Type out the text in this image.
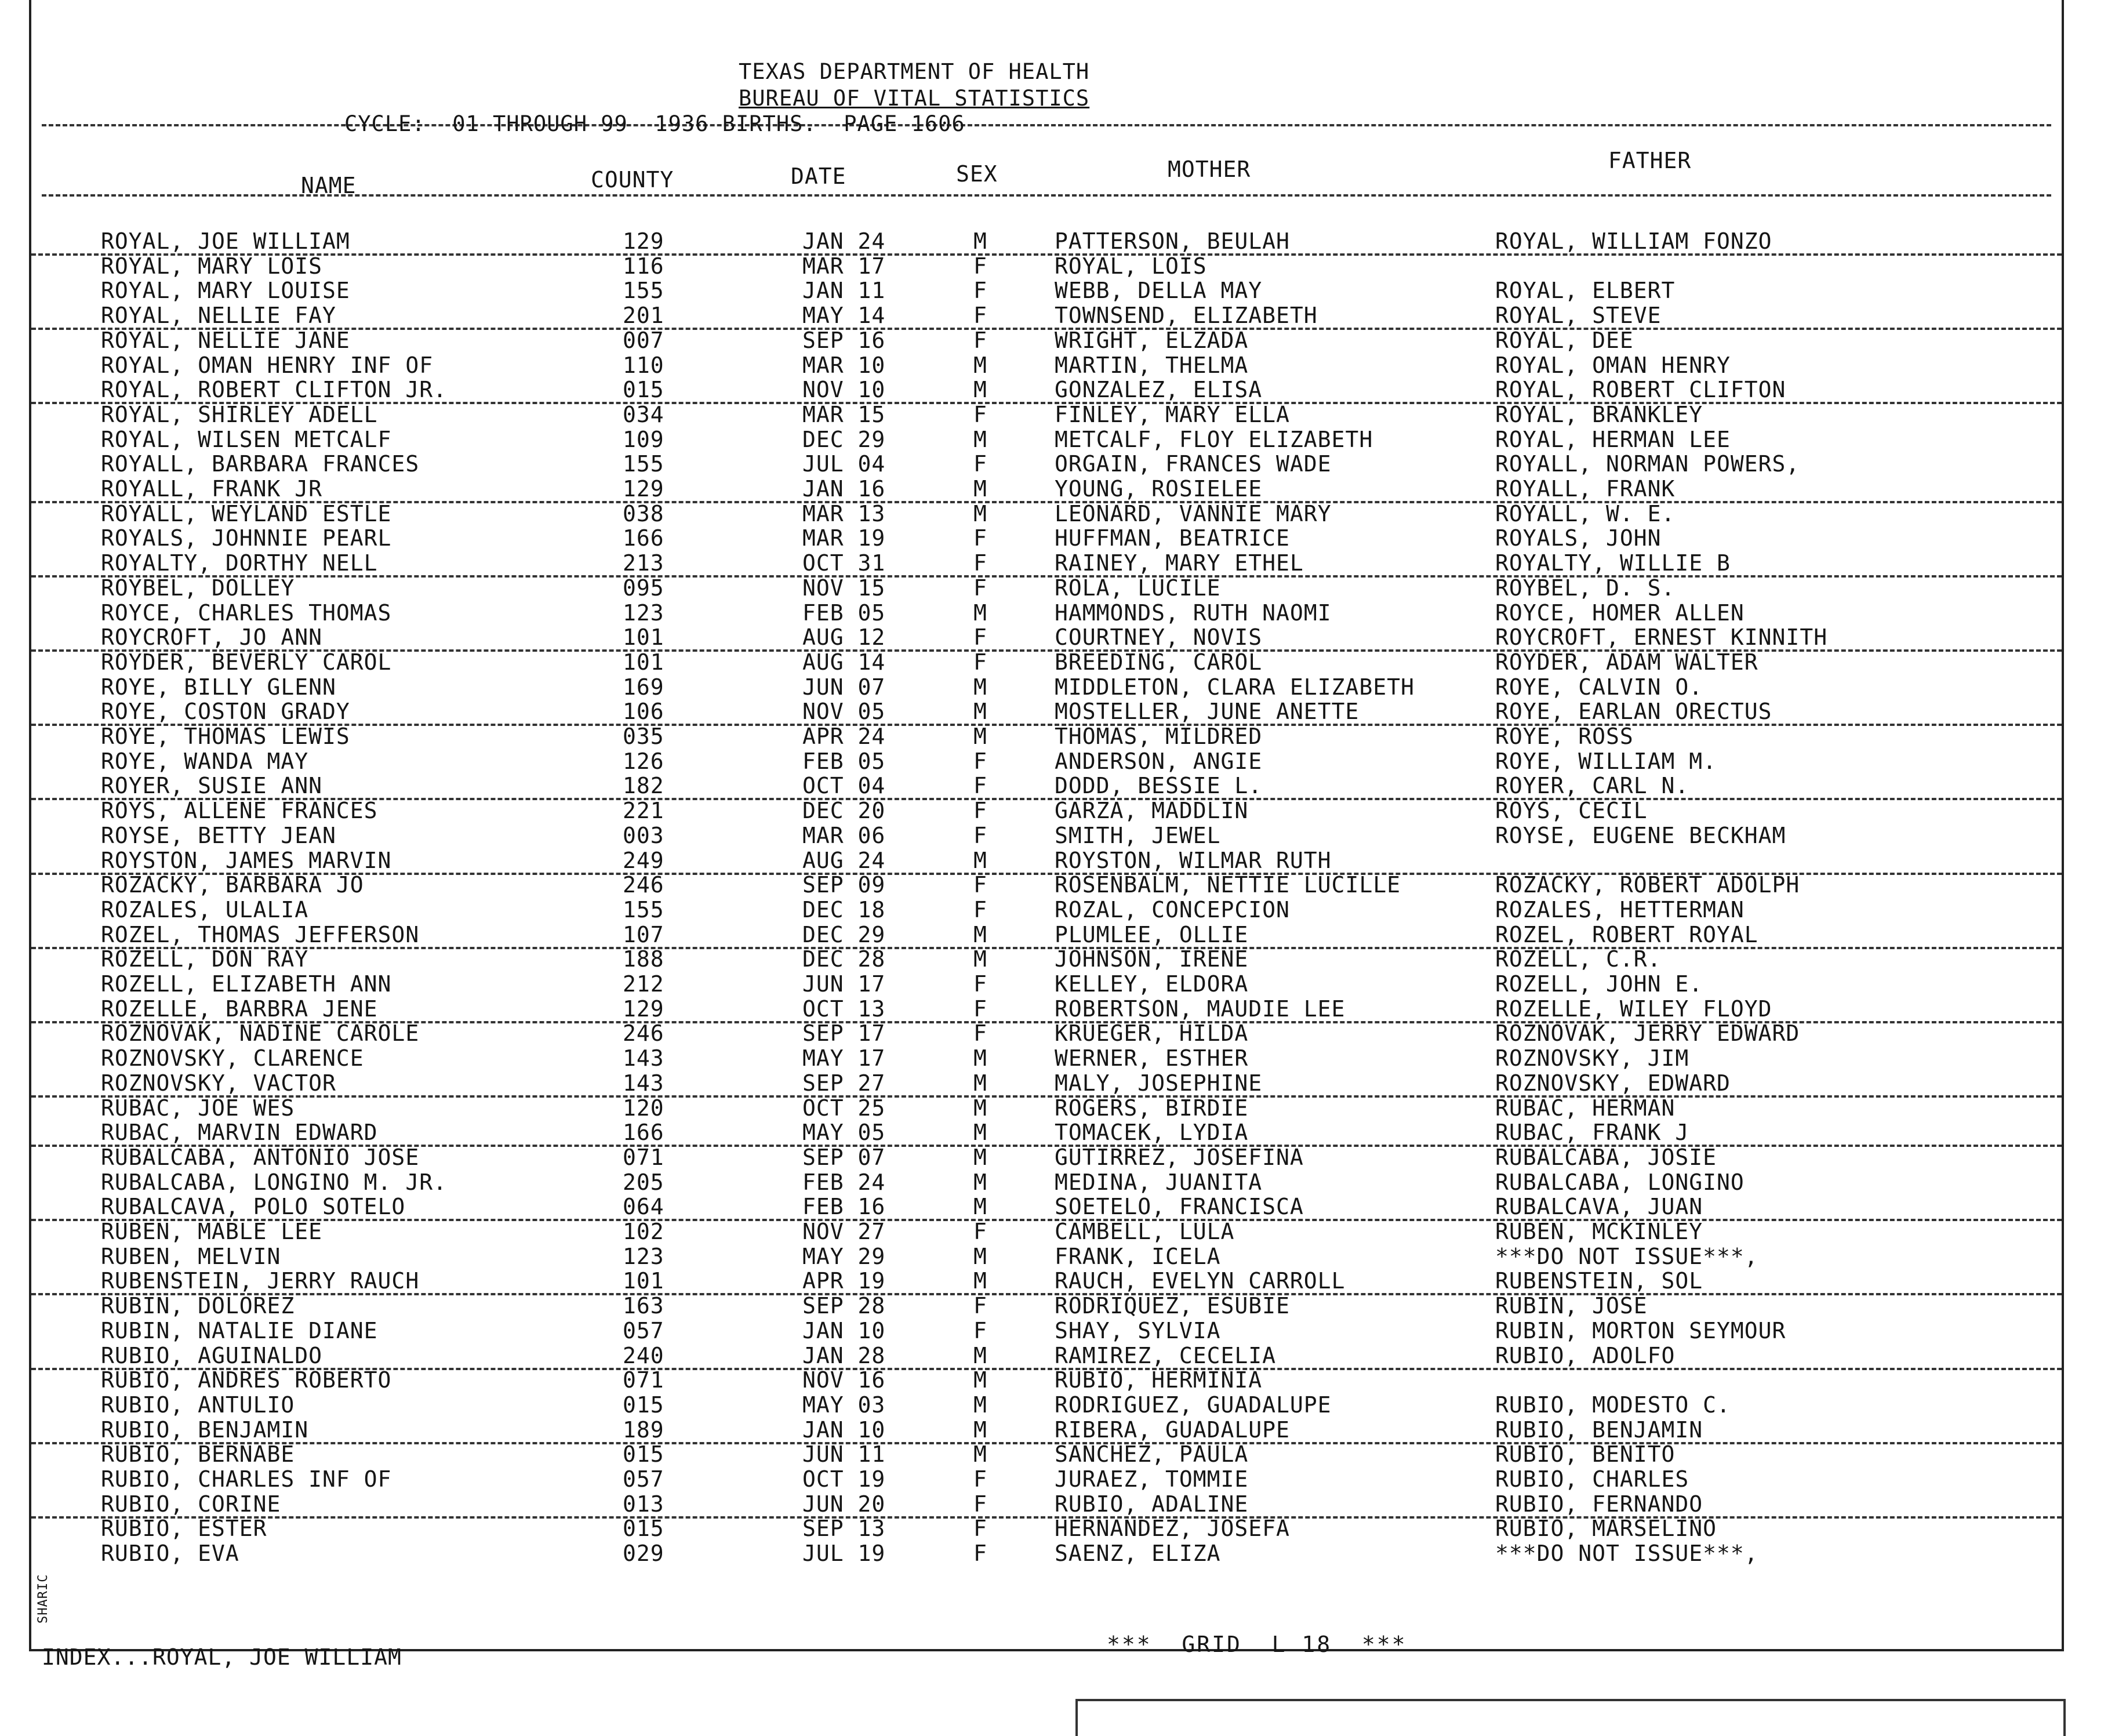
TEXAS DEPARTMENT OF HEALTH
BUREAU OF VITAL STATISTICS
CYCLE:  01 THROUGH 99  1936 BIRTHS.  PAGE 1606
NAME	COUNTY	DATE	SEX	MOTHER	FATHER
ROYAL, JOE WILLIAM	129	JAN 24	M	PATTERSON, BEULAH	ROYAL, WILLIAM FONZO
ROYAL, MARY LOIS	116	MAR 17	F	ROYAL, LOIS
ROYAL, MARY LOUISE	155	JAN 11	F	WEBB, DELLA MAY	ROYAL, ELBERT
ROYAL, NELLIE FAY	201	MAY 14	F	TOWNSEND, ELIZABETH	ROYAL, STEVE
ROYAL, NELLIE JANE	007	SEP 16	F	WRIGHT, ELZADA	ROYAL, DEE
ROYAL, OMAN HENRY INF OF	110	MAR 10	M	MARTIN, THELMA	ROYAL, OMAN HENRY
ROYAL, ROBERT CLIFTON JR.	015	NOV 10	M	GONZALEZ, ELISA	ROYAL, ROBERT CLIFTON
ROYAL, SHIRLEY ADELL	034	MAR 15	F	FINLEY, MARY ELLA	ROYAL, BRANKLEY
ROYAL, WILSEN METCALF	109	DEC 29	M	METCALF, FLOY ELIZABETH	ROYAL, HERMAN LEE
ROYALL, BARBARA FRANCES	155	JUL 04	F	ORGAIN, FRANCES WADE	ROYALL, NORMAN POWERS,
ROYALL, FRANK JR	129	JAN 16	M	YOUNG, ROSIELEE	ROYALL, FRANK
ROYALL, WEYLAND ESTLE	038	MAR 13	M	LEONARD, VANNIE MARY	ROYALL, W. E.
ROYALS, JOHNNIE PEARL	166	MAR 19	F	HUFFMAN, BEATRICE	ROYALS, JOHN
ROYALTY, DORTHY NELL	213	OCT 31	F	RAINEY, MARY ETHEL	ROYALTY, WILLIE B
ROYBEL, DOLLEY	095	NOV 15	F	ROLA, LUCILE	ROYBEL, D. S.
ROYCE, CHARLES THOMAS	123	FEB 05	M	HAMMONDS, RUTH NAOMI	ROYCE, HOMER ALLEN
ROYCROFT, JO ANN	101	AUG 12	F	COURTNEY, NOVIS	ROYCROFT, ERNEST KINNITH
ROYDER, BEVERLY CAROL	101	AUG 14	F	BREEDING, CAROL	ROYDER, ADAM WALTER
ROYE, BILLY GLENN	169	JUN 07	M	MIDDLETON, CLARA ELIZABETH	ROYE, CALVIN O.
ROYE, COSTON GRADY	106	NOV 05	M	MOSTELLER, JUNE ANETTE	ROYE, EARLAN ORECTUS
ROYE, THOMAS LEWIS	035	APR 24	M	THOMAS, MILDRED	ROYE, ROSS
ROYE, WANDA MAY	126	FEB 05	F	ANDERSON, ANGIE	ROYE, WILLIAM M.
ROYER, SUSIE ANN	182	OCT 04	F	DODD, BESSIE L.	ROYER, CARL N.
ROYS, ALLENE FRANCES	221	DEC 20	F	GARZA, MADDLIN	ROYS, CECIL
ROYSE, BETTY JEAN	003	MAR 06	F	SMITH, JEWEL	ROYSE, EUGENE BECKHAM
ROYSTON, JAMES MARVIN	249	AUG 24	M	ROYSTON, WILMAR RUTH
ROZACKY, BARBARA JO	246	SEP 09	F	ROSENBALM, NETTIE LUCILLE	ROZACKY, ROBERT ADOLPH
ROZALES, ULALIA	155	DEC 18	F	ROZAL, CONCEPCION	ROZALES, HETTERMAN
ROZEL, THOMAS JEFFERSON	107	DEC 29	M	PLUMLEE, OLLIE	ROZEL, ROBERT ROYAL
ROZELL, DON RAY	188	DEC 28	M	JOHNSON, IRENE	ROZELL, C.R.
ROZELL, ELIZABETH ANN	212	JUN 17	F	KELLEY, ELDORA	ROZELL, JOHN E.
ROZELLE, BARBRA JENE	129	OCT 13	F	ROBERTSON, MAUDIE LEE	ROZELLE, WILEY FLOYD
ROZNOVAK, NADINE CAROLE	246	SEP 17	F	KRUEGER, HILDA	ROZNOVAK, JERRY EDWARD
ROZNOVSKY, CLARENCE	143	MAY 17	M	WERNER, ESTHER	ROZNOVSKY, JIM
ROZNOVSKY, VACTOR	143	SEP 27	M	MALY, JOSEPHINE	ROZNOVSKY, EDWARD
RUBAC, JOE WES	120	OCT 25	M	ROGERS, BIRDIE	RUBAC, HERMAN
RUBAC, MARVIN EDWARD	166	MAY 05	M	TOMACEK, LYDIA	RUBAC, FRANK J
RUBALCABA, ANTONIO JOSE	071	SEP 07	M	GUTIRREZ, JOSEFINA	RUBALCABA, JOSIE
RUBALCABA, LONGINO M. JR.	205	FEB 24	M	MEDINA, JUANITA	RUBALCABA, LONGINO
RUBALCAVA, POLO SOTELO	064	FEB 16	M	SOETELO, FRANCISCA	RUBALCAVA, JUAN
RUBEN, MABLE LEE	102	NOV 27	F	CAMBELL, LULA	RUBEN, MCKINLEY
RUBEN, MELVIN	123	MAY 29	M	FRANK, ICELA	***DO NOT ISSUE***,
RUBENSTEIN, JERRY RAUCH	101	APR 19	M	RAUCH, EVELYN CARROLL	RUBENSTEIN, SOL
RUBIN, DOLOREZ	163	SEP 28	F	RODRIQUEZ, ESUBIE	RUBIN, JOSE
RUBIN, NATALIE DIANE	057	JAN 10	F	SHAY, SYLVIA	RUBIN, MORTON SEYMOUR
RUBIO, AGUINALDO	240	JAN 28	M	RAMIREZ, CECELIA	RUBIO, ADOLFO
RUBIO, ANDRES ROBERTO	071	NOV 16	M	RUBIO, HERMINIA
RUBIO, ANTULIO	015	MAY 03	M	RODRIGUEZ, GUADALUPE	RUBIO, MODESTO C.
RUBIO, BENJAMIN	189	JAN 10	M	RIBERA, GUADALUPE	RUBIO, BENJAMIN
RUBIO, BERNABE	015	JUN 11	M	SANCHEZ, PAULA	RUBIO, BENITO
RUBIO, CHARLES INF OF	057	OCT 19	F	JURAEZ, TOMMIE	RUBIO, CHARLES
RUBIO, CORINE	013	JUN 20	F	RUBIO, ADALINE	RUBIO, FERNANDO
RUBIO, ESTER	015	SEP 13	F	HERNANDEZ, JOSEFA	RUBIO, MARSELINO
RUBIO, EVA	029	JUL 19	F	SAENZ, ELIZA	***DO NOT ISSUE***,
***  GRID  L 18  ***
SHARIC
INDEX...ROYAL, JOE WILLIAM
